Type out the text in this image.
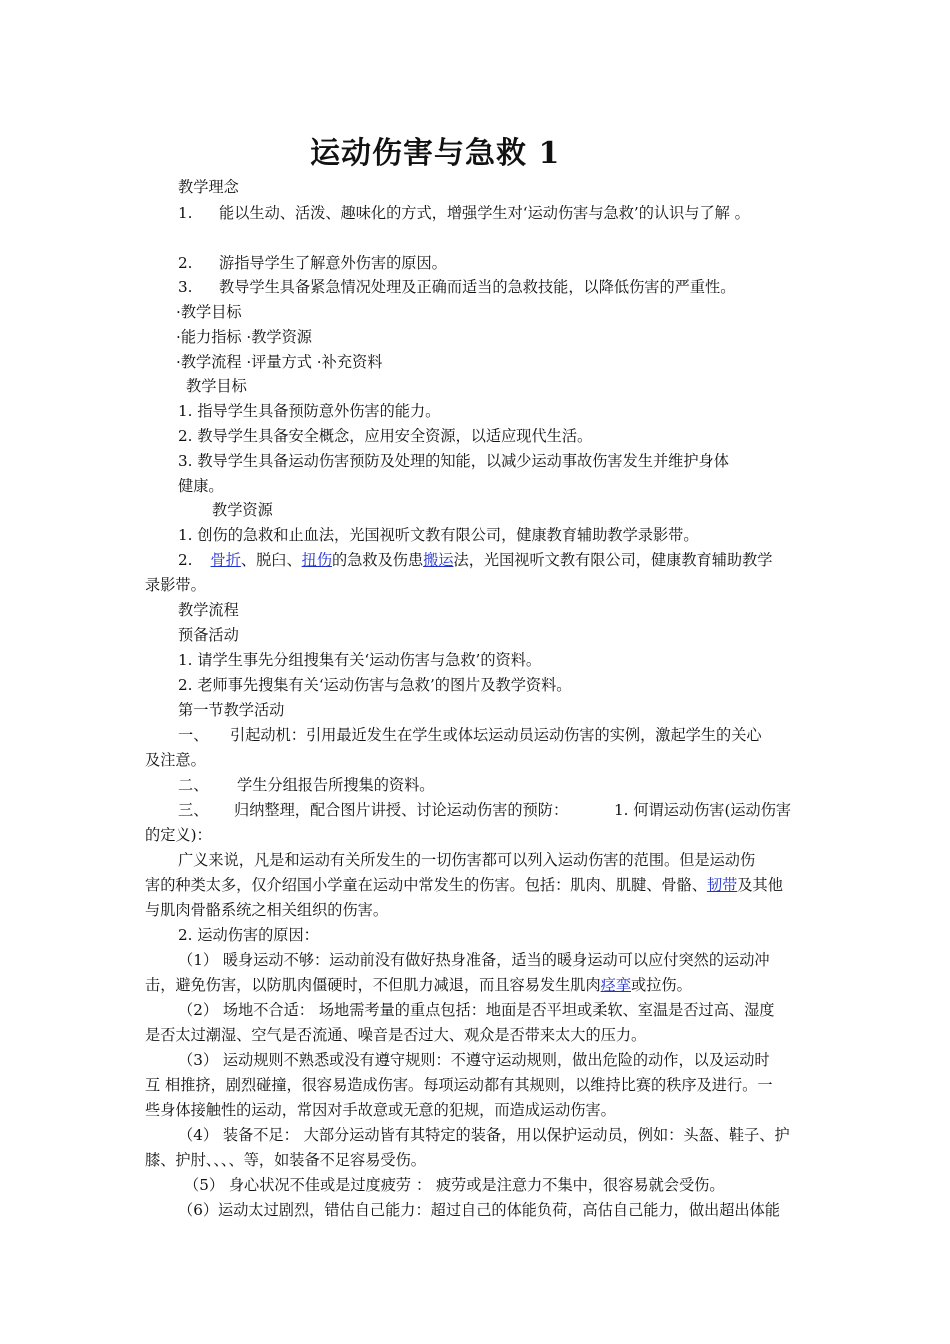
运动伤害与急救 1
教学理念
1. 能以生动、活泼、趣味化的方式，增强学生对‘运动伤害与急救’的认识与了解 。
2. 游指导学生了解意外伤害的原因。
3. 教导学生具备紧急情况处理及正确而适当的急救技能，以降低伤害的严重性。
·教学目标
·能力指标 ·教学资源
·教学流程 ·评量方式 ·补充资料
教学目标
1. 指导学生具备预防意外伤害的能力。
2. 教导学生具备安全概念，应用安全资源，以适应现代生活。
3. 教导学生具备运动伤害预防及处理的知能，以减少运动事故伤害发生并维护身体
健康。
教学资源
1. 创伤的急救和止血法，光国视听文教有限公司，健康教育辅助教学录影带。
2. 骨折、脱臼、扭伤的急救及伤患搬运法，光国视听文教有限公司，健康教育辅助教学
录影带。
教学流程
预备活动
1. 请学生事先分组搜集有关‘运动伤害与急救’的资料。
2. 老师事先搜集有关‘运动伤害与急救’的图片及教学资料。
第一节教学活动
一、 引起动机：引用最近发生在学生或体坛运动员运动伤害的实例，激起学生的关心
及注意。
二、 学生分组报告所搜集的资料。
三、 归纳整理，配合图片讲授、讨论运动伤害的预防：	1. 何谓运动伤害(运动伤害
的定义)：
广义来说，凡是和运动有关所发生的一切伤害都可以列入运动伤害的范围。但是运动伤
害的种类太多，仅介绍国小学童在运动中常发生的伤害。包括：肌肉、肌腱、骨骼、韧带及其他
与肌肉骨骼系统之相关组织的伤害。
2. 运动伤害的原因：
（1） 暖身运动不够：运动前没有做好热身准备，适当的暖身运动可以应付突然的运动冲
击，避免伤害，以防肌肉僵硬时，不但肌力减退，而且容易发生肌肉痉挛或拉伤。
（2） 场地不合适： 场地需考量的重点包括：地面是否平坦或柔软、室温是否过高、湿度
是否太过潮湿、空气是否流通、噪音是否过大、观众是否带来太大的压力。
（3） 运动规则不熟悉或没有遵守规则：不遵守运动规则，做出危险的动作，以及运动时
互 相推挤，剧烈碰撞，很容易造成伤害。每项运动都有其规则，以维持比赛的秩序及进行。一
些身体接触性的运动，常因对手故意或无意的犯规，而造成运动伤害。
（4） 装备不足： 大部分运动皆有其特定的装备，用以保护运动员，例如：头盔、鞋子、护
膝、护肘、、、、等，如装备不足容易受伤。
（5） 身心状况不佳或是过度疲劳 ： 疲劳或是注意力不集中，很容易就会受伤。
（6）运动太过剧烈，错估自己能力：超过自己的体能负荷，高估自己能力，做出超出体能
